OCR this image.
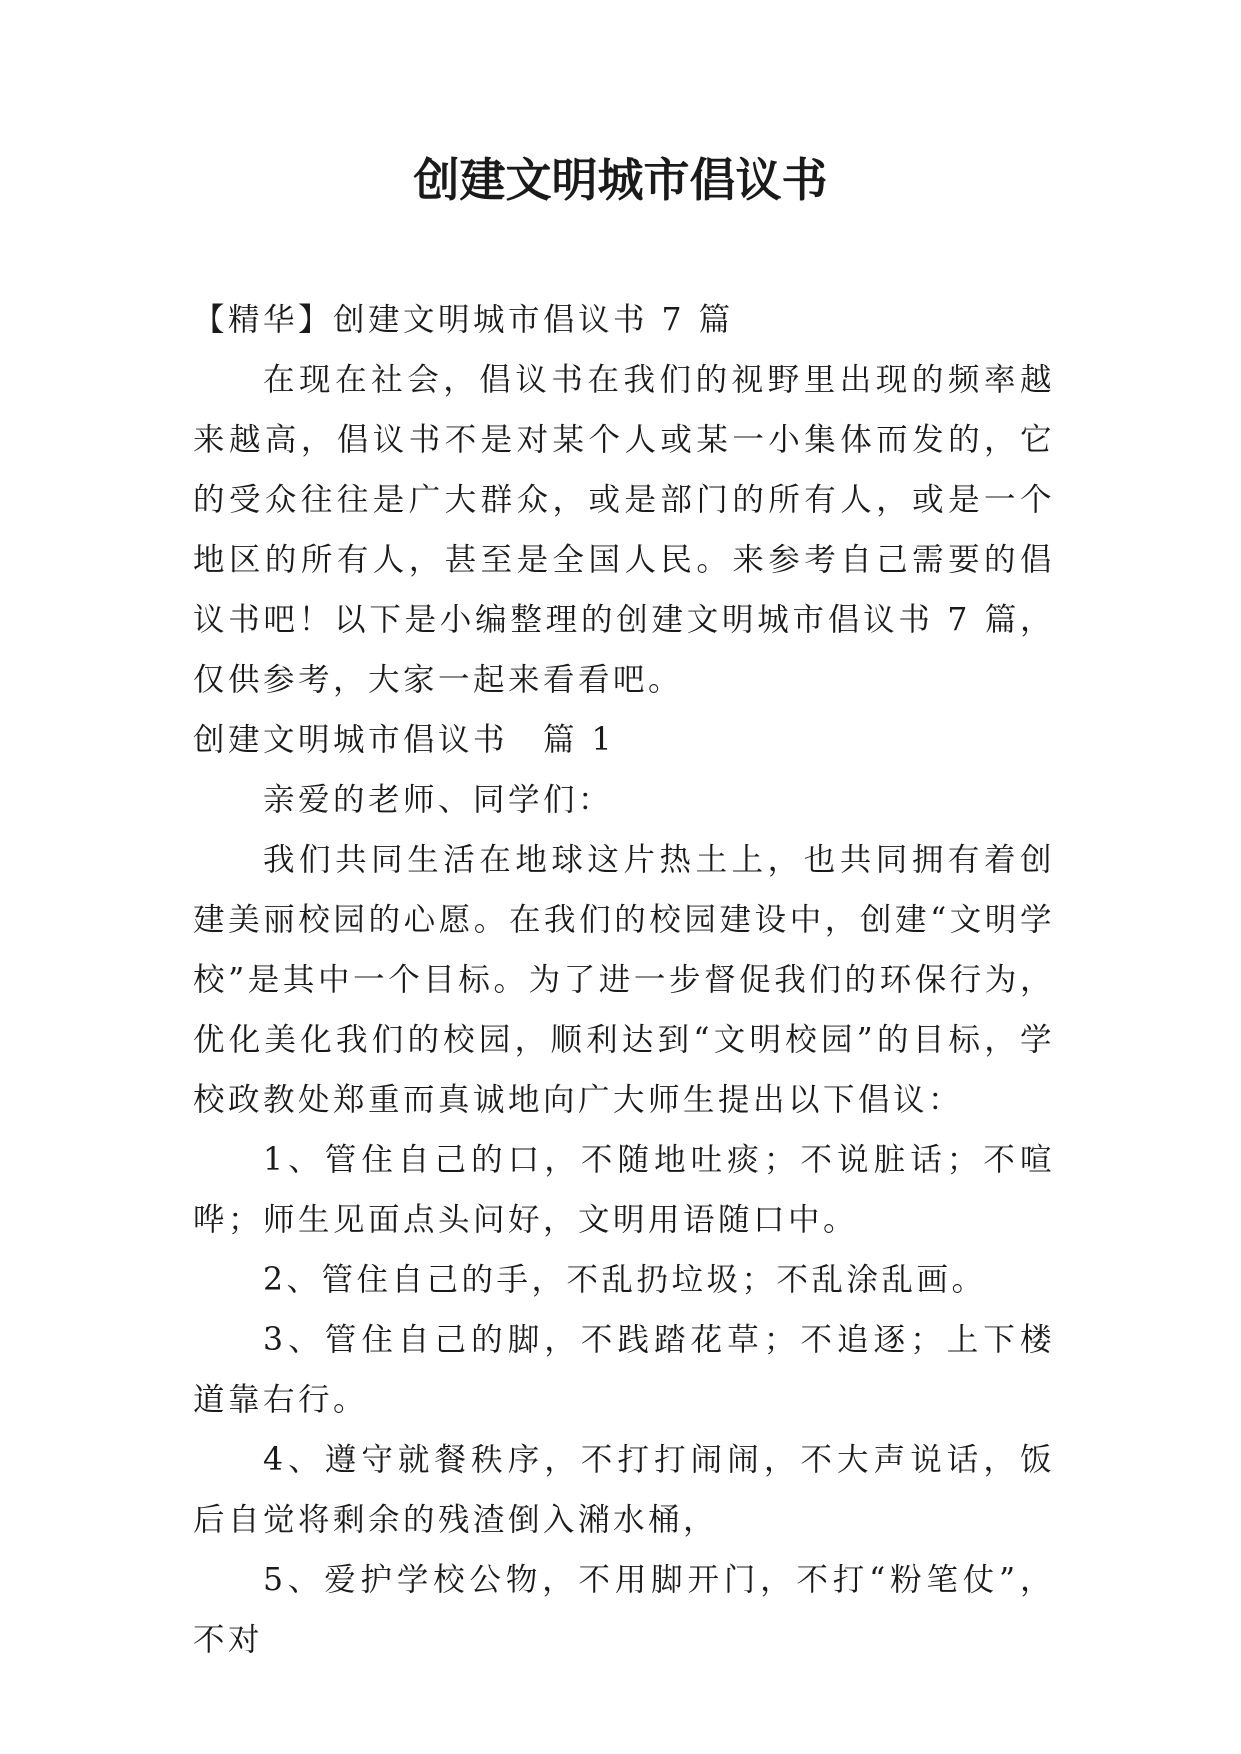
创建文明城市倡议书

【精华】创建文明城市倡议书 7 篇

在现在社会，倡议书在我们的视野里出现的频率越来越高，倡议书不是对某个人或某一小集体而发的，它的受众往往是广大群众，或是部门的所有人，或是一个地区的所有人，甚至是全国人民。来参考自己需要的倡议书吧！以下是小编整理的创建文明城市倡议书 7 篇，仅供参考，大家一起来看看吧。

创建文明城市倡议书　篇 1

亲爱的老师、同学们：

我们共同生活在地球这片热土上，也共同拥有着创建美丽校园的心愿。在我们的校园建设中，创建“文明学校”是其中一个目标。为了进一步督促我们的环保行为，优化美化我们的校园，顺利达到“文明校园”的目标，学校政教处郑重而真诚地向广大师生提出以下倡议：

1、管住自己的口，不随地吐痰；不说脏话；不喧哗；师生见面点头问好，文明用语随口中。

2、管住自己的手，不乱扔垃圾；不乱涂乱画。

3、管住自己的脚，不践踏花草；不追逐；上下楼道靠右行。

4、遵守就餐秩序，不打打闹闹，不大声说话，饭后自觉将剩余的残渣倒入潲水桶，

5、爱护学校公物，不用脚开门，不打“粉笔仗”，不对
